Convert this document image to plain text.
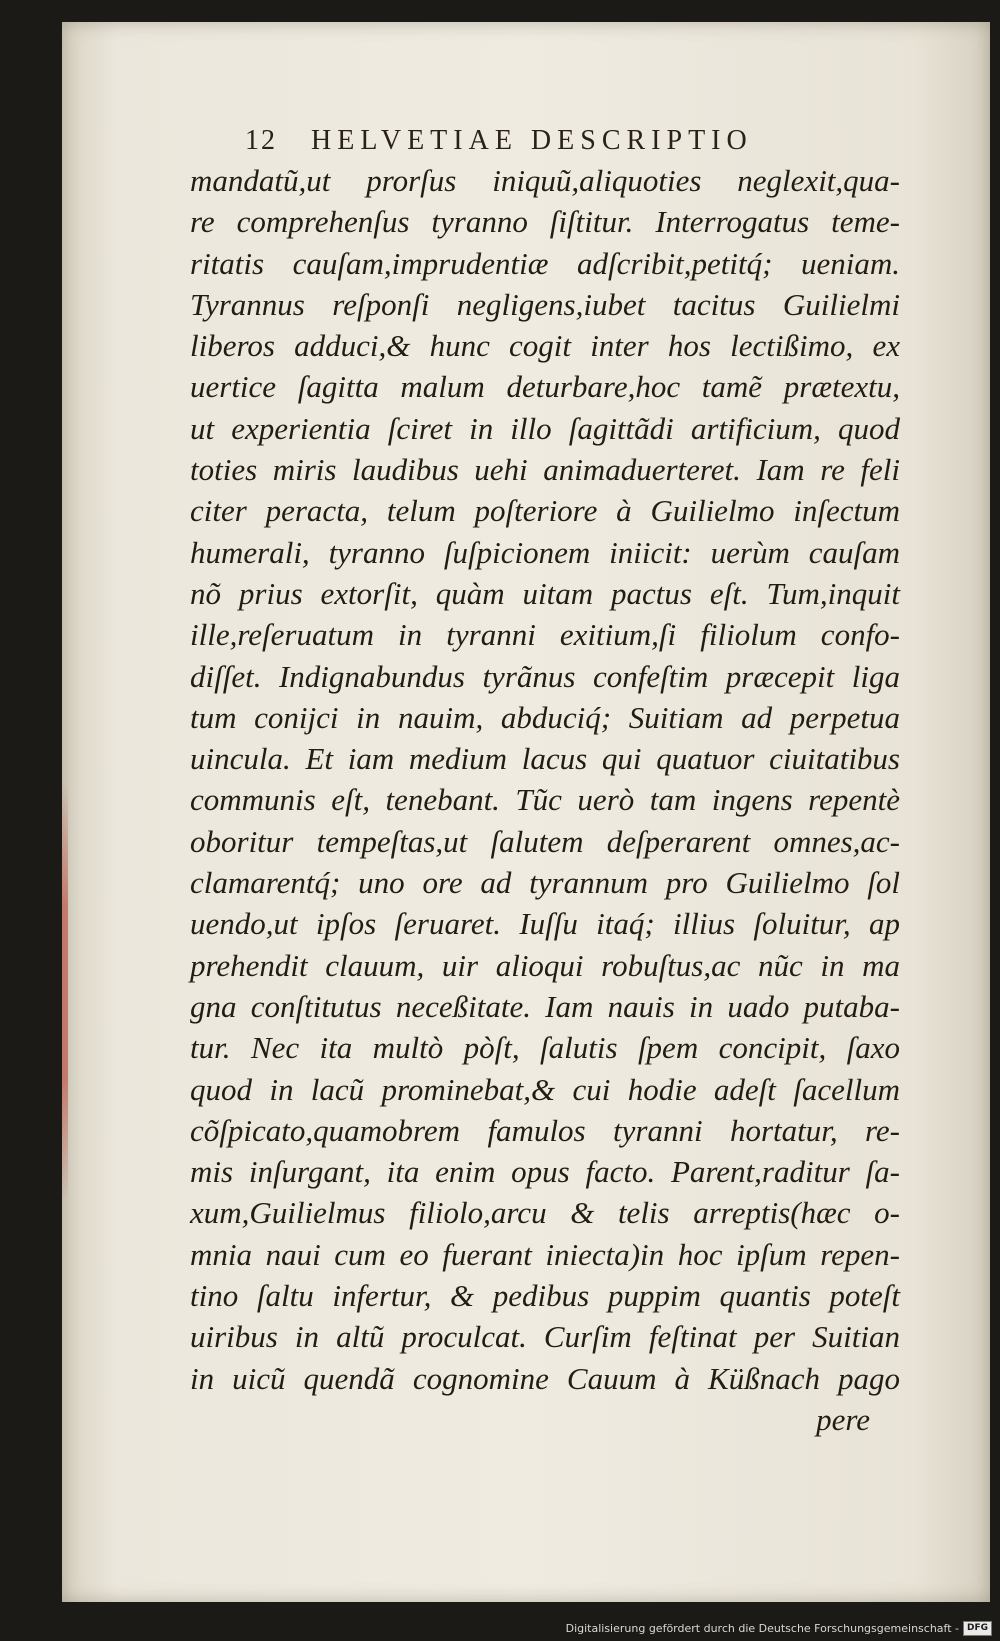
12 HELVETIAE DESCRIPTIO
mandatũ,ut prorſus iniquũ,aliquoties neglexit,qua-
re comprehenſus tyranno ſiſtitur. Interrogatus teme-
ritatis cauſam,imprudentiæ adſcribit,petitq́; ueniam.
Tyrannus reſponſi negligens,iubet tacitus Guilielmi
liberos adduci,& hunc cogit inter hos lectißimo, ex
uertice ſagitta malum deturbare,hoc tamẽ prætextu,
ut experientia ſciret in illo ſagittãdi artificium, quod
toties miris laudibus uehi animaduerteret. Iam re feli
citer peracta, telum poſteriore à Guilielmo inſectum
humerali, tyranno ſuſpicionem iniicit: uerùm cauſam
nõ prius extorſit, quàm uitam pactus eſt. Tum,inquit
ille,reſeruatum in tyranni exitium,ſi filiolum confo-
diſſet. Indignabundus tyrãnus confeſtim præcepit liga
tum conijci in nauim, abduciq́; Suitiam ad perpetua
uincula. Et iam medium lacus qui quatuor ciuitatibus
communis eſt, tenebant. Tũc uerò tam ingens repentè
oboritur tempeſtas,ut ſalutem deſperarent omnes,ac-
clamarentq́; uno ore ad tyrannum pro Guilielmo ſol
uendo,ut ipſos ſeruaret. Iuſſu itaq́; illius ſoluitur, ap
prehendit clauum, uir alioqui robuſtus,ac nũc in ma
gna conſtitutus neceßitate. Iam nauis in uado putaba-
tur. Nec ita multò pòſt, ſalutis ſpem concipit, ſaxo
quod in lacũ prominebat,& cui hodie adeſt ſacellum
cõſpicato,quamobrem famulos tyranni hortatur, re-
mis inſurgant, ita enim opus facto. Parent,raditur ſa-
xum,Guilielmus filiolo,arcu & telis arreptis(hæc o-
mnia naui cum eo fuerant iniecta)in hoc ipſum repen-
tino ſaltu infertur, & pedibus puppim quantis poteſt
uiribus in altũ proculcat. Curſim feſtinat per Suitian
in uicũ quendã cognomine Cauum à Küßnach pago
pere
Digitalisierung gefördert durch die Deutsche Forschungsgemeinschaft - DFG
